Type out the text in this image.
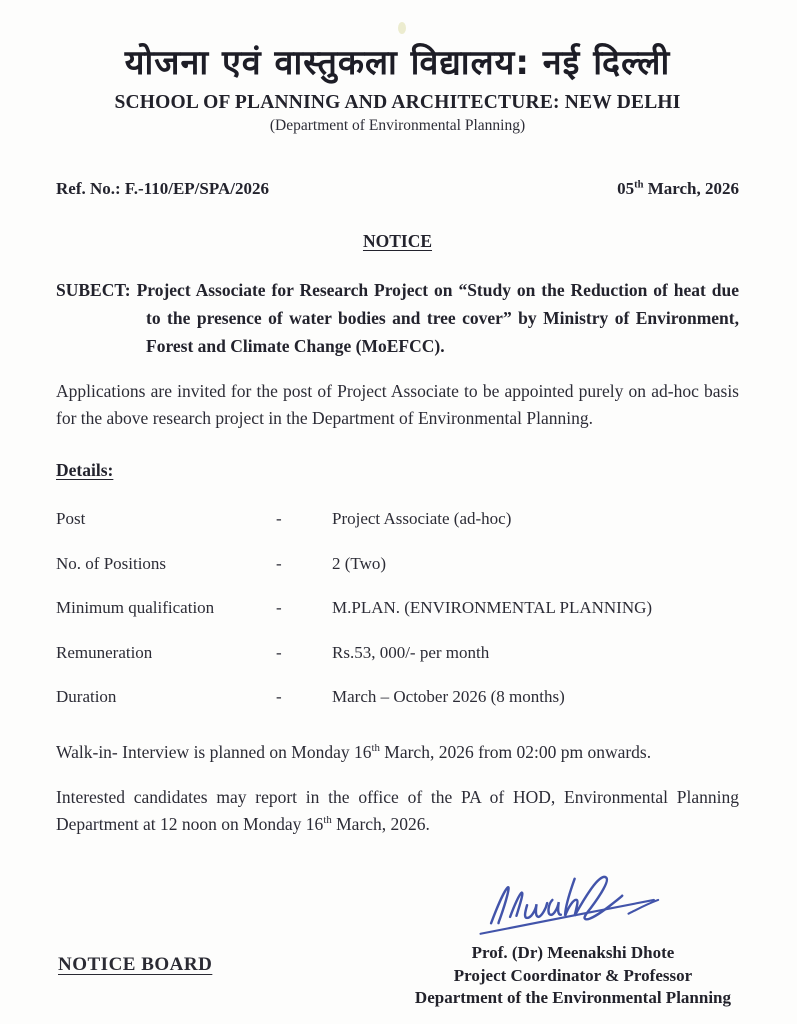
योजना एवं वास्तुकला विद्यालय: नई दिल्ली
SCHOOL OF PLANNING AND ARCHITECTURE: NEW DELHI
(Department of Environmental Planning)
Ref. No.: F.-110/EP/SPA/2026	05th March, 2026
NOTICE

SUBECT: Project Associate for Research Project on “Study on the Reduction of heat due to the presence of water bodies and tree cover” by Ministry of Environment, Forest and Climate Change (MoEFCC).

Applications are invited for the post of Project Associate to be appointed purely on ad-hoc basis for the above research project in the Department of Environmental Planning.

Details:
Post	-	Project Associate (ad-hoc)
No. of Positions	-	2 (Two)
Minimum qualification	-	M.PLAN. (ENVIRONMENTAL PLANNING)
Remuneration	-	Rs.53, 000/- per month
Duration	-	March – October 2026 (8 months)

Walk-in- Interview is planned on Monday 16th March, 2026 from 02:00 pm onwards.

Interested candidates may report in the office of the PA of HOD, Environmental Planning Department at 12 noon on Monday 16th March, 2026.

Prof. (Dr) Meenakshi Dhote
Project Coordinator & Professor
Department of the Environmental Planning
NOTICE BOARD
